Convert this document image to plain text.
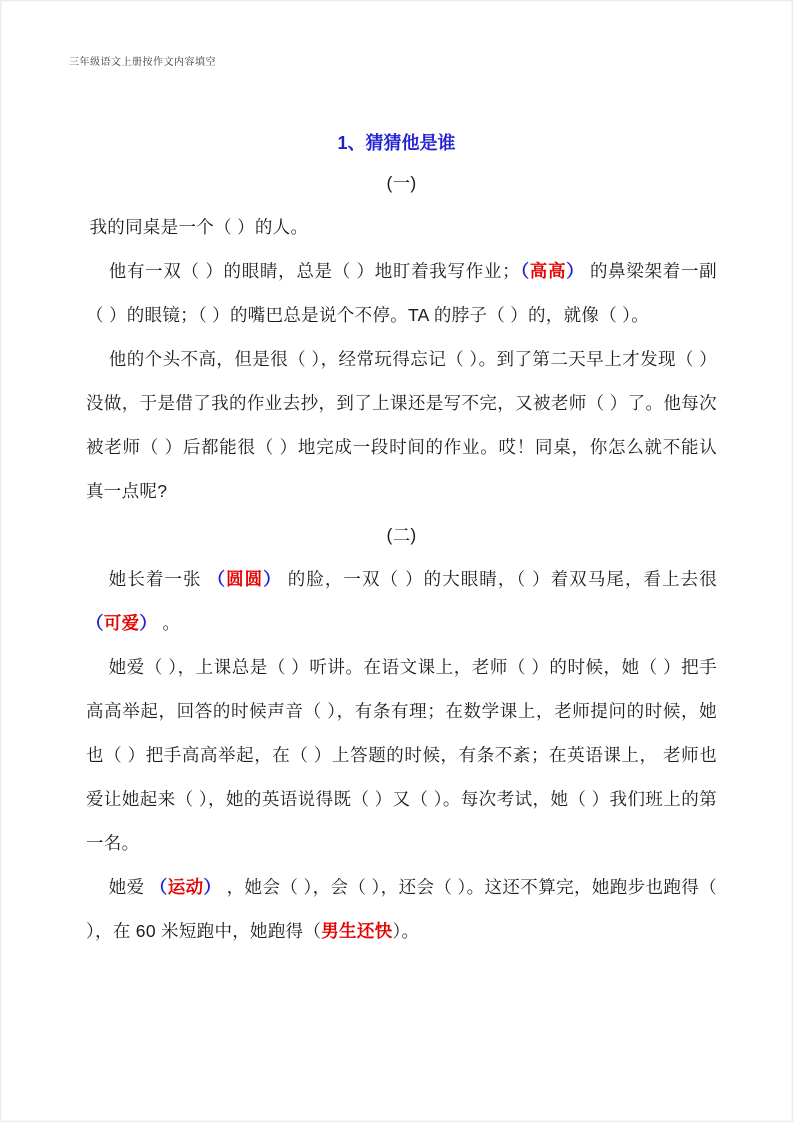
三年级语文上册按作文内容填空
1、猜猜他是谁

(一)

我的同桌是一个（ ）的人。

他有一双（ ）的眼睛，总是（ ）地盯着我写作业；（高高） 的鼻梁架着一副（ ）的眼镜；（ ）的嘴巴总是说个不停。TA 的脖子（ ）的，就像（ ）。

他的个头不高，但是很（ ），经常玩得忘记（ ）。到了第二天早上才发现（ ）没做，于是借了我的作业去抄，到了上课还是写不完，又被老师（ ）了。他每次被老师（ ）后都能很（ ）地完成一段时间的作业。哎！同桌，你怎么就不能认真一点呢?

(二)

她长着一张 （圆圆） 的脸，一双（ ）的大眼睛，（ ）着双马尾，看上去很 （可爱） 。

她爱（ ），上课总是（ ）听讲。在语文课上，老师（ ）的时候，她（ ）把手高高举起，回答的时候声音（ ），有条有理；在数学课上，老师提问的时候，她也（ ）把手高高举起，在（ ）上答题的时候，有条不紊；在英语课上， 老师也爱让她起来（ ），她的英语说得既（ ）又（ ）。每次考试，她（ ）我们班上的第一名。

她爱 （运动） ，她会（ ），会（ ），还会（ ）。这还不算完，她跑步也跑得（ ），在 60 米短跑中，她跑得（男生还快）。
